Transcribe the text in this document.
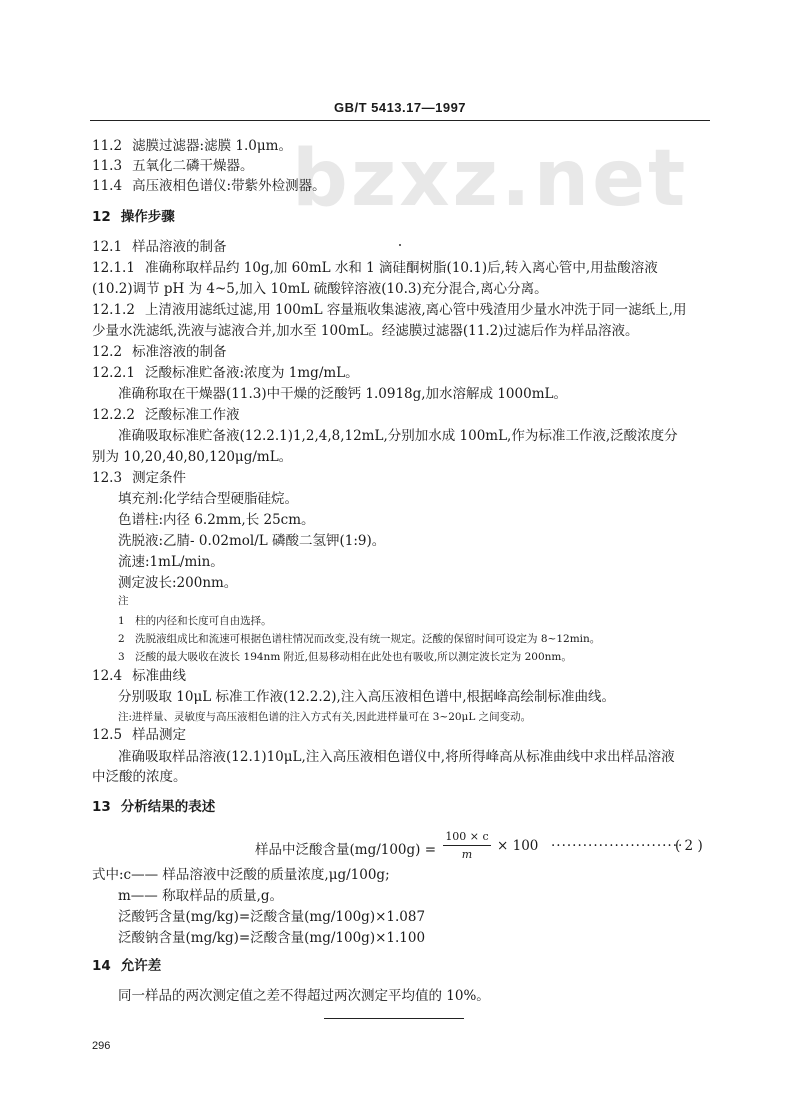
GB/T 5413.17—1997
bzxz.net
11.2 滤膜过滤器:滤膜 1.0μm。
11.3 五氧化二磷干燥器。
11.4 高压液相色谱仪:带紫外检测器。
12 操作步骤
12.1 样品溶液的制备
12.1.1 准确称取样品约 10g,加 60mL 水和 1 滴硅酮树脂(10.1)后,转入离心管中,用盐酸溶液
(10.2)调节 pH 为 4~5,加入 10mL 硫酸锌溶液(10.3)充分混合,离心分离。
12.1.2 上清液用滤纸过滤,用 100mL 容量瓶收集滤液,离心管中残渣用少量水冲洗于同一滤纸上,用
少量水洗滤纸,洗液与滤液合并,加水至 100mL。经滤膜过滤器(11.2)过滤后作为样品溶液。
12.2 标准溶液的制备
12.2.1 泛酸标准贮备液:浓度为 1mg/mL。
准确称取在干燥器(11.3)中干燥的泛酸钙 1.0918g,加水溶解成 1000mL。
12.2.2 泛酸标准工作液
准确吸取标准贮备液(12.2.1)1,2,4,8,12mL,分别加水成 100mL,作为标准工作液,泛酸浓度分
别为 10,20,40,80,120μg/mL。
12.3 测定条件
填充剂:化学结合型硬脂硅烷。
色谱柱:内径 6.2mm,长 25cm。
洗脱液:乙腈- 0.02mol/L 磷酸二氢钾(1:9)。
流速:1mL/min。
测定波长:200nm。
注
1　柱的内径和长度可自由选择。
2　洗脱液组成比和流速可根据色谱柱情况而改变,没有统一规定。泛酸的保留时间可设定为 8~12min。
3　泛酸的最大吸收在波长 194nm 附近,但易移动相在此处也有吸收,所以测定波长定为 200nm。
12.4 标准曲线
分别吸取 10μL 标准工作液(12.2.2),注入高压液相色谱中,根据峰高绘制标准曲线。
注:进样量、灵敏度与高压液相色谱的注入方式有关,因此进样量可在 3~20μL 之间变动。
12.5 样品测定
准确吸取样品溶液(12.1)10μL,注入高压液相色谱仪中,将所得峰高从标准曲线中求出样品溶液
中泛酸的浓度。
13 分析结果的表述
样品中泛酸含量(mg/100g) =
100 × c
m
× 100 ·························
( 2 )
式中:c—— 样品溶液中泛酸的质量浓度,μg/100g;
m—— 称取样品的质量,g。
泛酸钙含量(mg/kg)=泛酸含量(mg/100g)×1.087
泛酸钠含量(mg/kg)=泛酸含量(mg/100g)×1.100
14 允许差
同一样品的两次测定值之差不得超过两次测定平均值的 10%。
296
